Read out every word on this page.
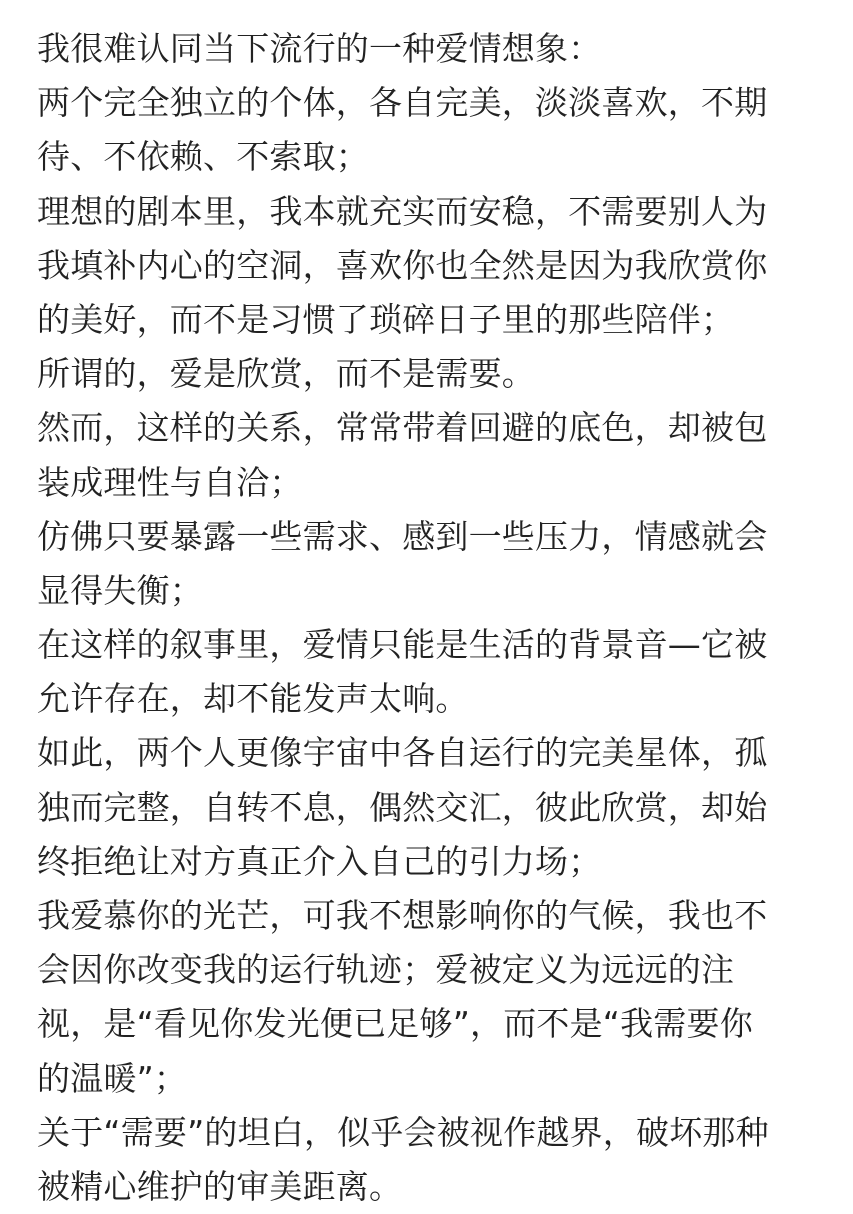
我很难认同当下流行的一种爱情想象：
两个完全独立的个体，各自完美，淡淡喜欢，不期
待、不依赖、不索取；
理想的剧本里，我本就充实而安稳，不需要别人为
我填补内心的空洞，喜欢你也全然是因为我欣赏你
的美好，而不是习惯了琐碎日子里的那些陪伴；
所谓的，爱是欣赏，而不是需要。
然而，这样的关系，常常带着回避的底色，却被包
装成理性与自洽；
仿佛只要暴露一些需求、感到一些压力，情感就会
显得失衡；
在这样的叙事里，爱情只能是生活的背景音—它被
允许存在，却不能发声太响。
如此，两个人更像宇宙中各自运行的完美星体，孤
独而完整，自转不息，偶然交汇，彼此欣赏，却始
终拒绝让对方真正介入自己的引力场；
我爱慕你的光芒，可我不想影响你的气候，我也不
会因你改变我的运行轨迹；爱被定义为远远的注
视，是“看见你发光便已足够”，而不是“我需要你
的温暖”；
关于“需要”的坦白，似乎会被视作越界，破坏那种
被精心维护的审美距离。
